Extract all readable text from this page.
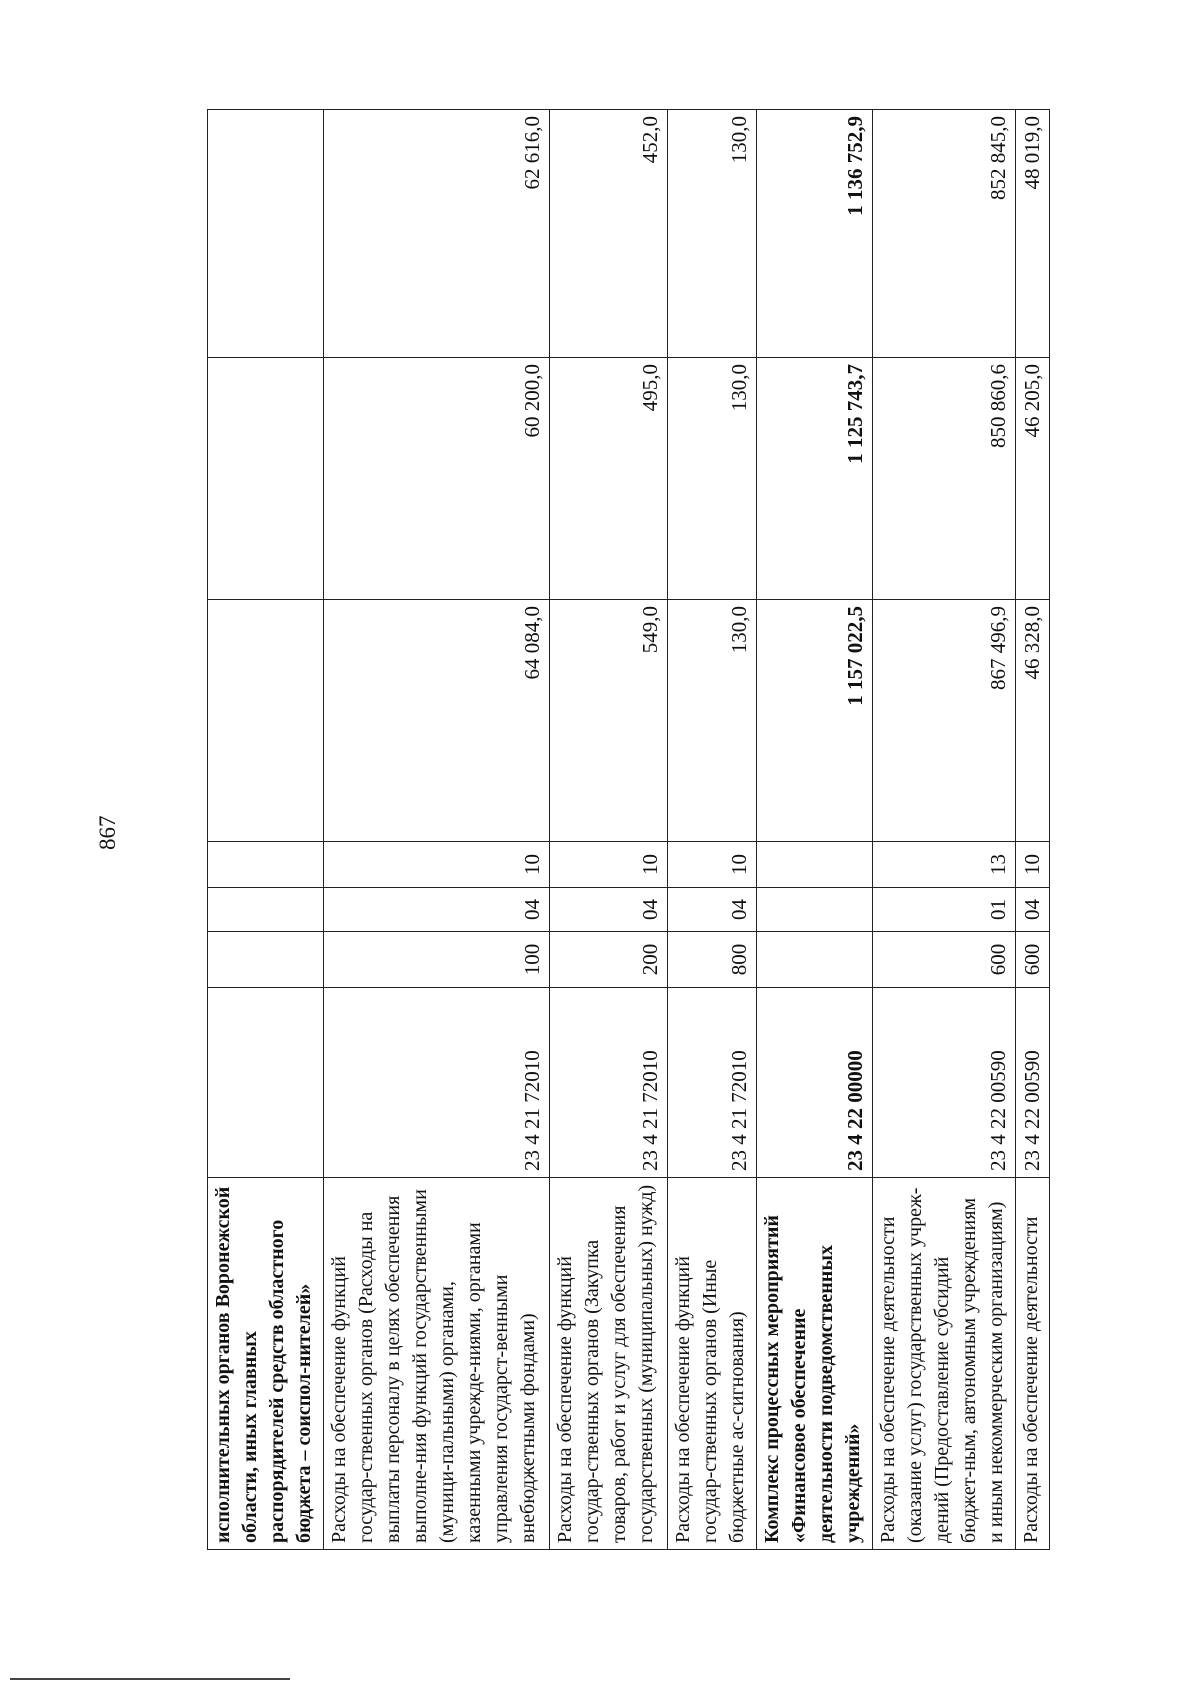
867
исполнительных органов Воронежской области, иных главных распорядителей средств областного бюджета – соиспол-нителей»							
Расходы на обеспечение функций государ-ственных органов (Расходы на выплаты персоналу в целях обеспечения выполне-ния функций государственными (муници-пальными) органами, казенными учрежде-ниями, органами управления государст-венными внебюджетными фондами)	23 4 21 72010	100	04	10	64 084,0	60 200,0	62 616,0
Расходы на обеспечение функций государ-ственных органов (Закупка товаров, работ и услуг для обеспечения государственных (муниципальных) нужд)	23 4 21 72010	200	04	10	549,0	495,0	452,0
Расходы на обеспечение функций государ-ственных органов (Иные бюджетные ас-сигнования)	23 4 21 72010	800	04	10	130,0	130,0	130,0
Комплекс процессных мероприятий «Финансовое обеспечение деятельности подведомственных учреждений»	23 4 22 00000				1 157 022,5	1 125 743,7	1 136 752,9
Расходы на обеспечение деятельности (оказание услуг) государственных учреж-дений (Предоставление субсидий бюджет-ным, автономным учреждениям и иным некоммерческим организациям)	23 4 22 00590	600	01	13	867 496,9	850 860,6	852 845,0
Расходы на обеспечение деятельности	23 4 22 00590	600	04	10	46 328,0	46 205,0	48 019,0
